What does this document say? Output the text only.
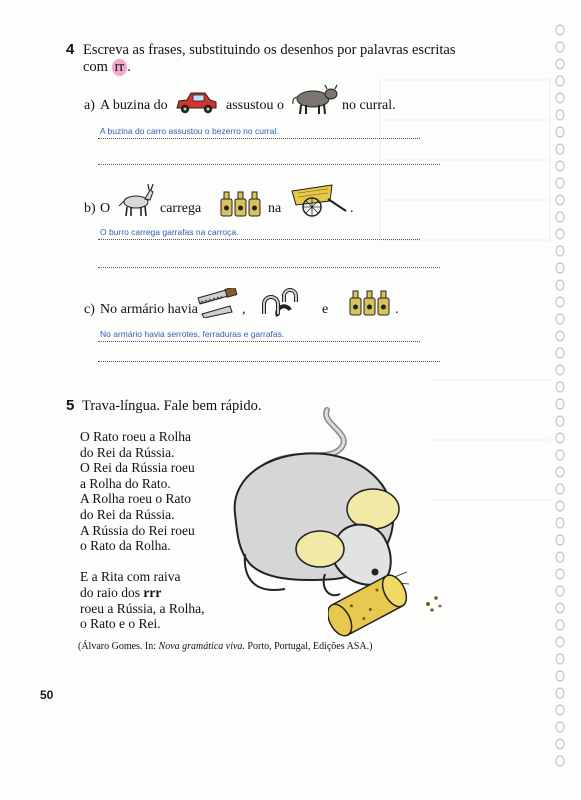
4 Escreva as frases, substituindo os desenhos por palavras escritas
com rr .
a) A buzina do	assustou o	no curral.
A buzina do carro assustou o bezerro no curral.
b) O	carrega	na	.
O burro carrega garrafas na carroça.
c) No armário havia	,	e	.
No armário havia serrotes, ferraduras e garrafas.
5 Trava-língua. Fale bem rápido.
O Rato roeu a Rolha
do Rei da Rússia.
O Rei da Rússia roeu
a Rolha do Rato.
A Rolha roeu o Rato
do Rei da Rússia.
A Rússia do Rei roeu
o Rato da Rolha.
E a Rita com raiva
do raio dos rrr
roeu a Rússia, a Rolha,
o Rato e o Rei.
(Álvaro Gomes. In: Nova gramática viva. Porto, Portugal, Edições ASA.)
50
